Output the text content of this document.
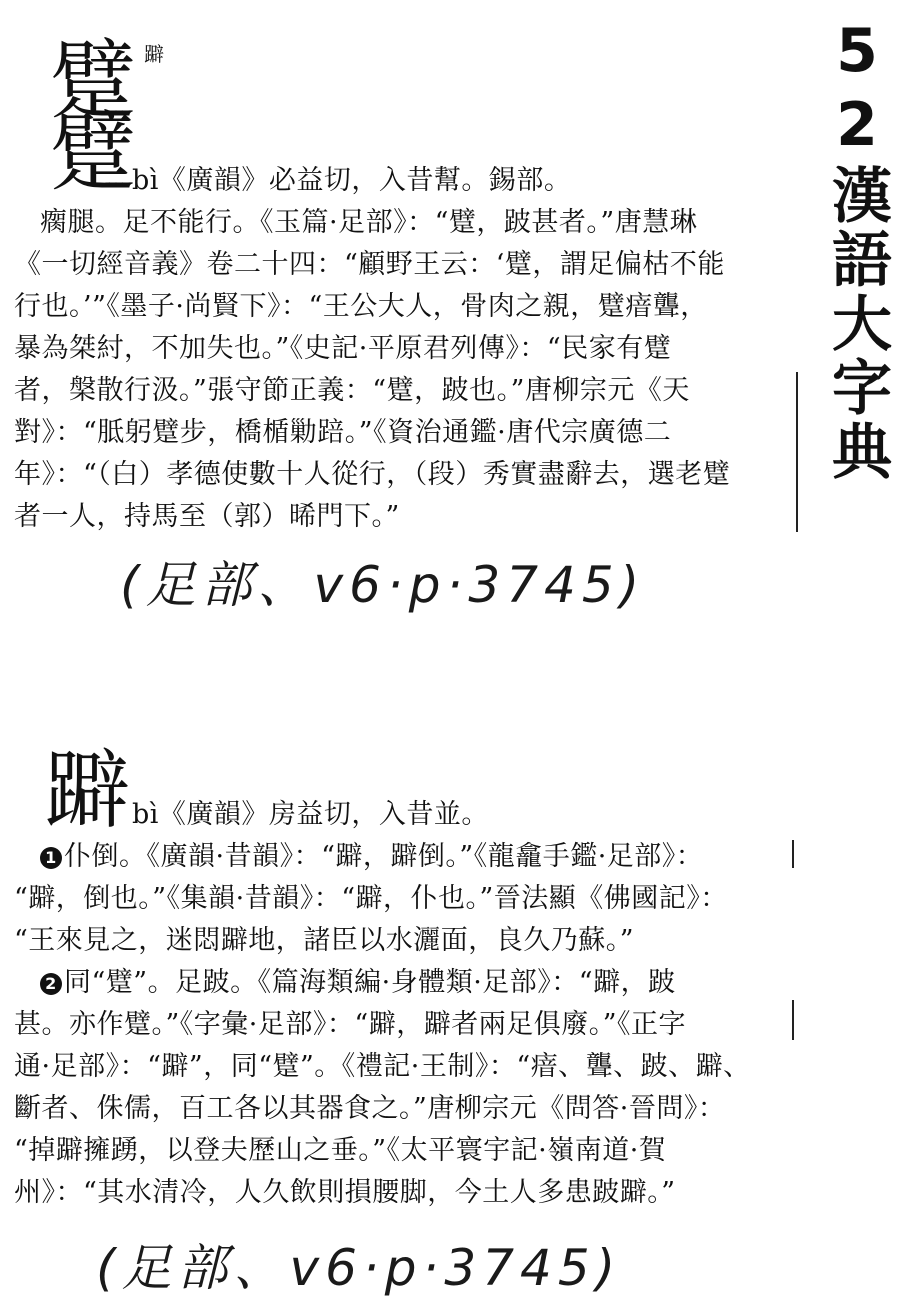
52漢語大字典
躄 躃
躄
bì《廣韻》必益切，入昔幫。錫部。
瘸腿。足不能行。《玉篇·足部》：“躄，跛甚者。”唐慧琳
《一切經音義》卷二十四：“顧野王云：‘躄，謂足偏枯不能
行也。’”《墨子·尚賢下》：“王公大人，骨肉之親，躄瘖聾，
暴為桀紂，不加失也。”《史記·平原君列傳》：“民家有躄
者，槃散行汲。”張守節正義：“躄，跛也。”唐柳宗元《天
對》：“胝躬躄步，橋楯勦踣。”《資治通鑑·唐代宗廣德二
年》：“（白）孝德使數十人從行，（段）秀實盡辭去，選老躄
者一人，持馬至（郭）晞門下。”
(足部、v6·p·3745)
躃 bì《廣韻》房益切，入昔並。
1 仆倒。《廣韻·昔韻》：“躃，躃倒。”《龍龕手鑑·足部》：
“躃，倒也。”《集韻·昔韻》：“躃，仆也。”晉法顯《佛國記》：
“王來見之，迷悶躃地，諸臣以水灑面，良久乃蘇。”
2 同“躄”。足跛。《篇海類編·身體類·足部》：“躃，跛
甚。亦作躄。”《字彙·足部》：“躃，躃者兩足俱廢。”《正字
通·足部》：“躃”，同“躄”。《禮記·王制》：“瘖、聾、跛、躃、
斷者、侏儒，百工各以其器食之。”唐柳宗元《問答·晉問》：
“掉躃擁踴，以登夫歷山之垂。”《太平寰宇記·嶺南道·賀
州》：“其水清冷，人久飲則損腰脚，今土人多患跛躃。”
(足部、v6·p·3745)
